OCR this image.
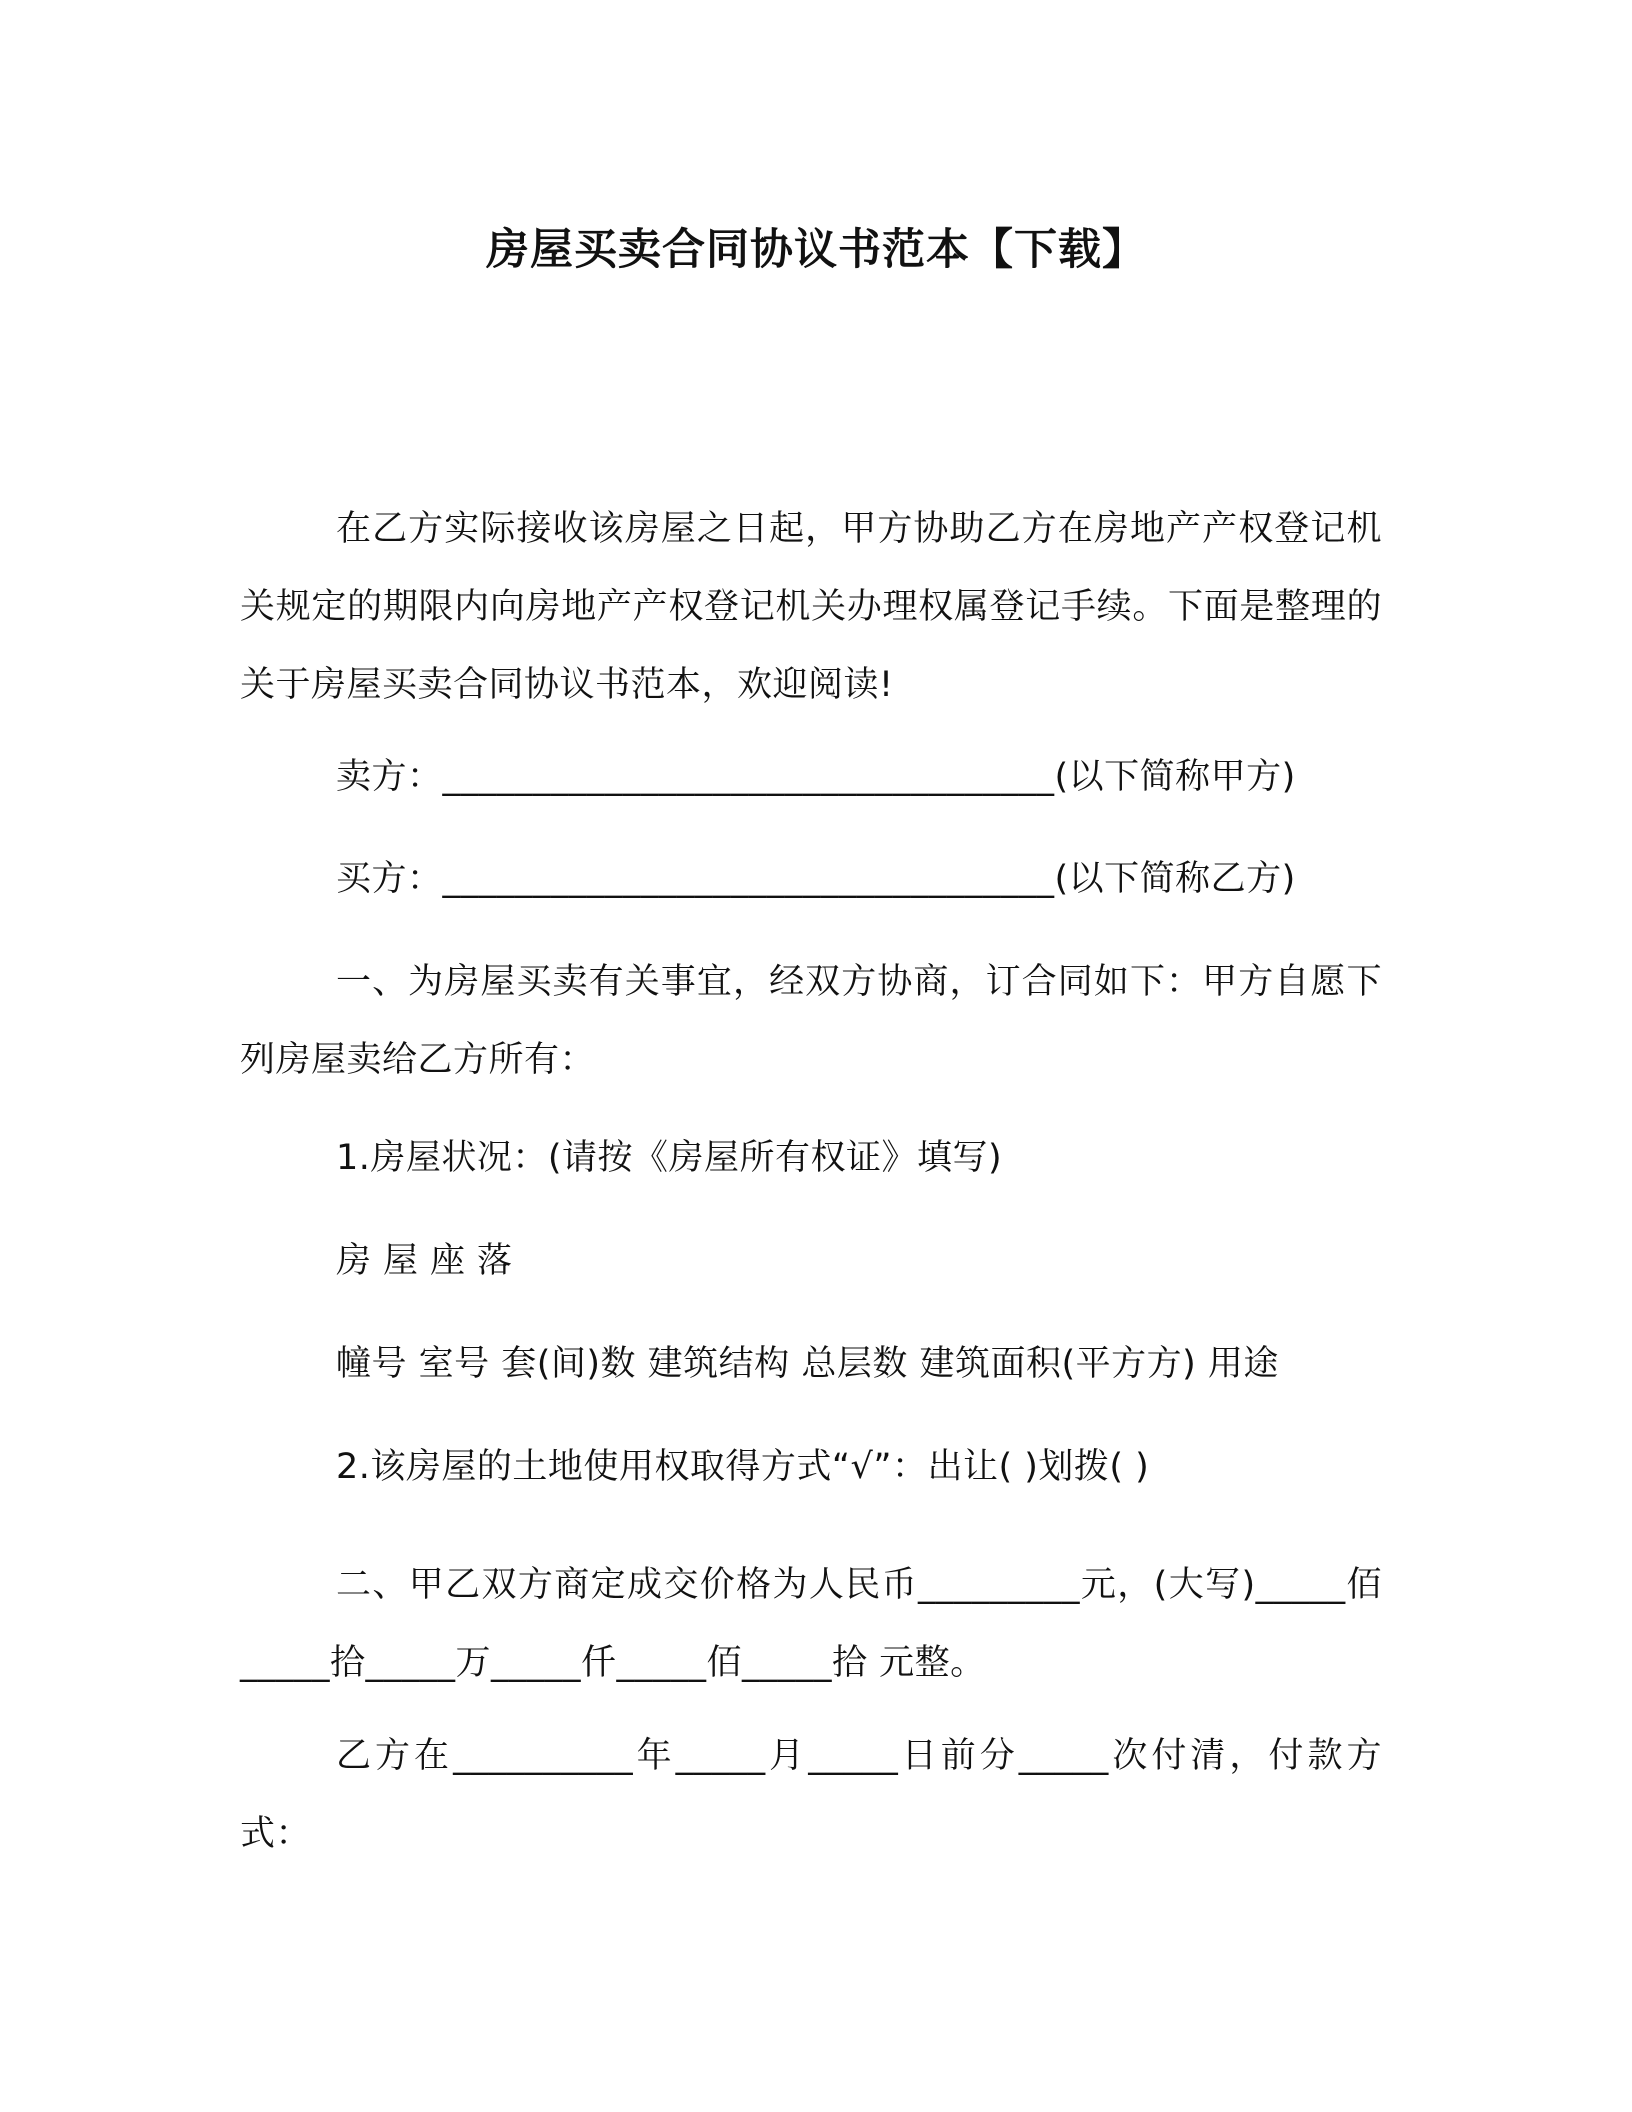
房屋买卖合同协议书范本【下载】

在乙方实际接收该房屋之日起，甲方协助乙方在房地产产权登记机关规定的期限内向房地产产权登记机关办理权属登记手续。下面是整理的关于房屋买卖合同协议书范本，欢迎阅读!

卖方：__________________________________(以下简称甲方)

买方：__________________________________(以下简称乙方)

一、为房屋买卖有关事宜，经双方协商，订合同如下：甲方自愿下列房屋卖给乙方所有：

1.房屋状况：(请按《房屋所有权证》填写)

房屋座落

幢号 室号 套(间)数 建筑结构 总层数 建筑面积(平方方) 用途

2.该房屋的土地使用权取得方式“√”：出让( )划拨( )

二、甲乙双方商定成交价格为人民币_________元，(大写)_____佰_____拾_____万_____仟_____佰_____拾 元整。

乙方在__________年_____月_____日前分_____次付清，付款方式：
